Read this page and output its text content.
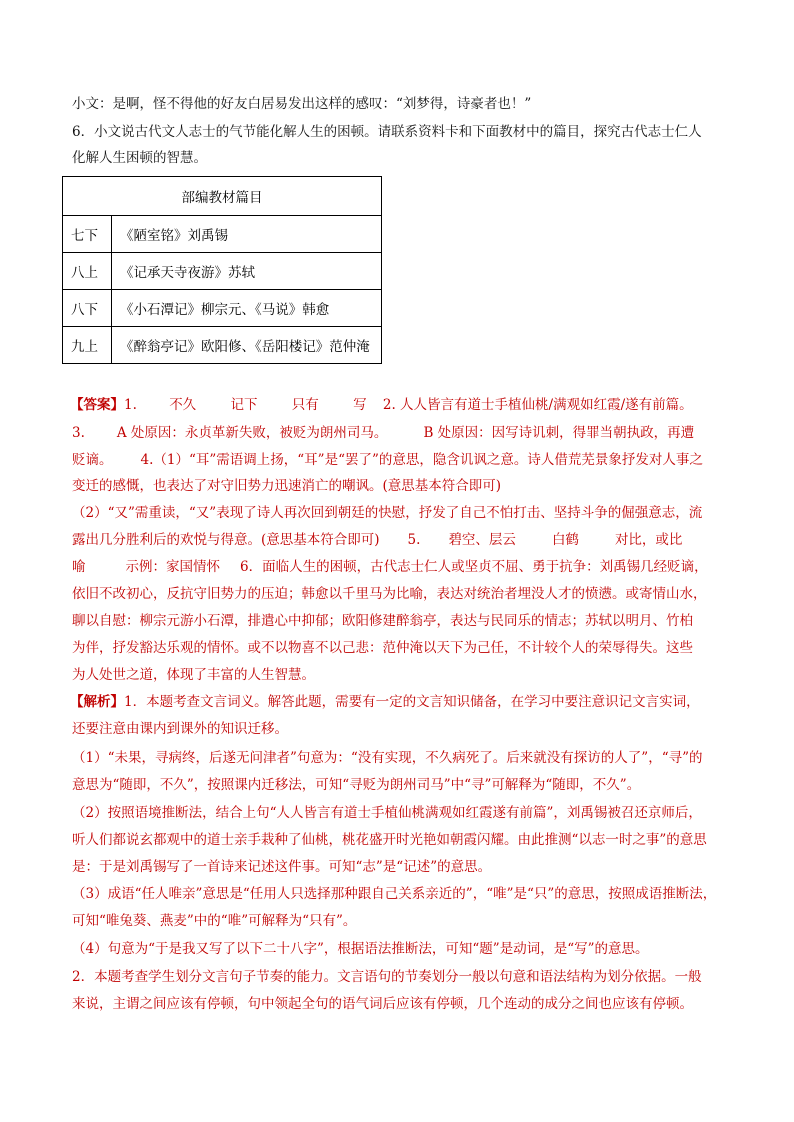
小文：是啊，怪不得他的好友白居易发出这样的感叹：“刘梦得，诗豪者也！”
6．小文说古代文人志士的气节能化解人生的困顿。请联系资料卡和下面教材中的篇目，探究古代志士仁人
化解人生困顿的智慧。
部编教材篇目	
七下	《陋室铭》刘禹锡
八上	《记承天寺夜游》苏轼
八下	《小石潭记》柳宗元、《马说》韩愈
九上	《醉翁亭记》欧阳修、《岳阳楼记》范仲淹
【答案】1. 不久	记下	只有	写 2. 人人皆言有道士手植仙桃/满观如红霞/遂有前篇。
3. A 处原因：永贞革新失败，被贬为朗州司马。	B 处原因：因写诗讥刺，得罪当朝执政，再遭
贬谪。 4.（1）“耳”需语调上扬，“耳”是“罢了”的意思，隐含讥讽之意。诗人借荒芜景象抒发对人事之
变迁的感慨，也表达了对守旧势力迅速消亡的嘲讽。(意思基本符合即可)
（2）“又”需重读，“又”表现了诗人再次回到朝廷的快慰，抒发了自己不怕打击、坚持斗争的倔强意志，流
露出几分胜利后的欢悦与得意。(意思基本符合即可) 5. 碧空、层云	白鹤	对比，或比
喻	示例：家国情怀 6．面临人生的困顿，古代志士仁人或坚贞不屈、勇于抗争：刘禹锡几经贬谪，
依旧不改初心，反抗守旧势力的压迫；韩愈以千里马为比喻，表达对统治者埋没人才的愤懑。或寄情山水，
聊以自慰：柳宗元游小石潭，排遣心中抑郁；欧阳修建醉翁亭，表达与民同乐的情志；苏轼以明月、竹柏
为伴，抒发豁达乐观的情怀。或不以物喜不以己悲：范仲淹以天下为己任，不计较个人的荣辱得失。这些
为人处世之道，体现了丰富的人生智慧。
【解析】1．本题考查文言词义。解答此题，需要有一定的文言知识储备，在学习中要注意识记文言实词，
还要注意由课内到课外的知识迁移。
（1）“未果，寻病终，后遂无问津者”句意为：“没有实现，不久病死了。后来就没有探访的人了”，“寻”的
意思为“随即，不久”，按照课内迁移法，可知“寻贬为朗州司马”中“寻”可解释为“随即，不久”。
（2）按照语境推断法，结合上句“人人皆言有道士手植仙桃满观如红霞遂有前篇”，刘禹锡被召还京师后，
听人们都说玄都观中的道士亲手栽种了仙桃，桃花盛开时光艳如朝霞闪耀。由此推测“以志一时之事”的意思
是：于是刘禹锡写了一首诗来记述这件事。可知“志”是“记述”的意思。
（3）成语“任人唯亲”意思是“任用人只选择那种跟自己关系亲近的”，“唯”是“只”的意思，按照成语推断法，
可知“唯兔葵、燕麦”中的“唯”可解释为“只有”。
（4）句意为“于是我又写了以下二十八字”，根据语法推断法，可知“题”是动词，是“写”的意思。
2．本题考查学生划分文言句子节奏的能力。文言语句的节奏划分一般以句意和语法结构为划分依据。一般
来说，主谓之间应该有停顿，句中领起全句的语气词后应该有停顿，几个连动的成分之间也应该有停顿。
